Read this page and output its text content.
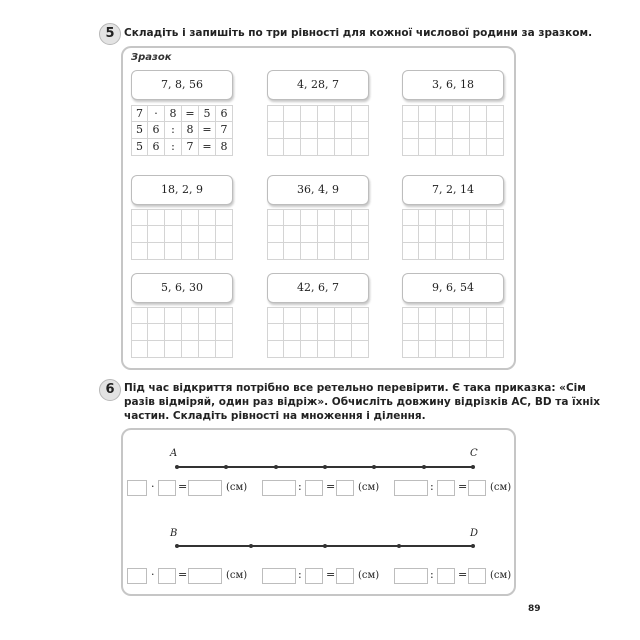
5 Складіть і запишіть по три рівності для кожної числової родини за зразком.
Зразок
7, 8, 56	4, 28, 7	3, 6, 18
18, 2, 9	36, 4, 9	7, 2, 14
5, 6, 30	42, 6, 7	9, 6, 54
7	·	8 = 5 6
5 6	:	8 = 7
5 6	:	7 = 8
6 Під час відкриття потрібно все ретельно перевірити. Є така приказка: «Сім
разів відміряй, один раз відріж». Обчисліть довжину відрізків AC, BD та їхніх
частин. Складіть рівності на множення і ділення.
A	C
· =	(см)	: = (см)	: = (см)
B	D
· =	(см)	: = (см)	: = (см)
89
